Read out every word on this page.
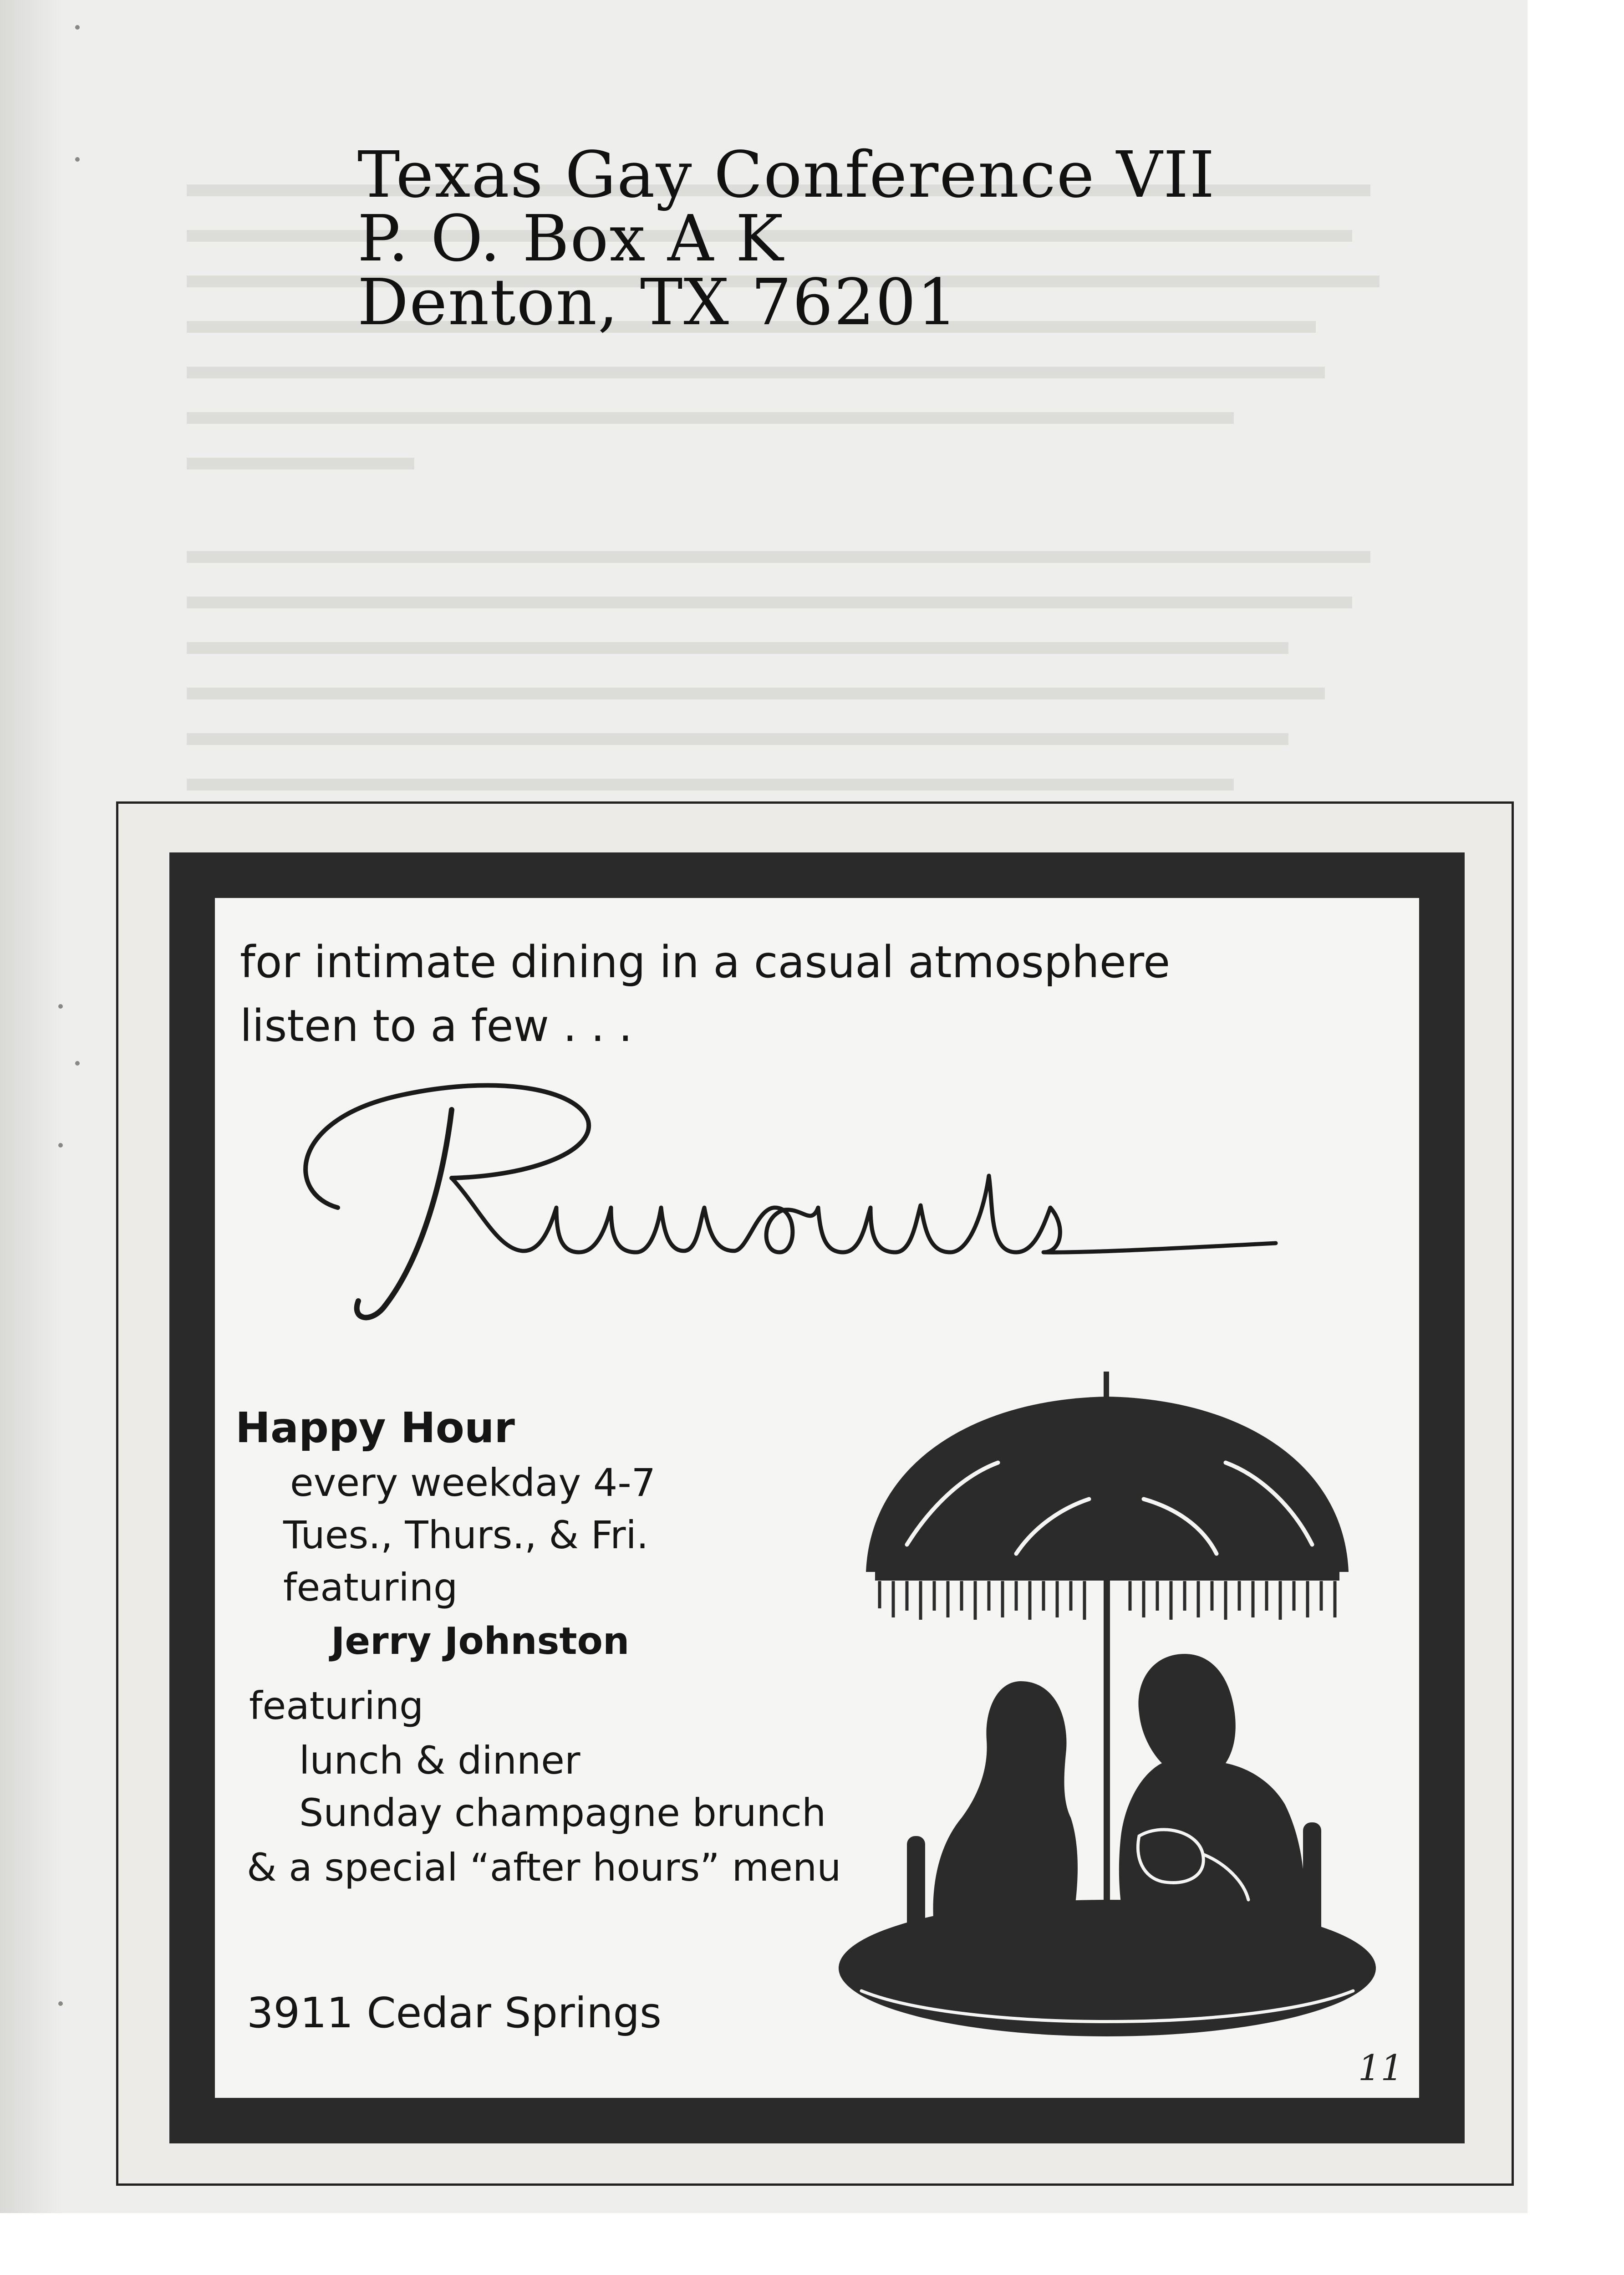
Texas Gay Conference VII
P. O. Box A K
Denton, TX 76201
for intimate dining in a casual atmosphere
listen to a few . . .
Happy Hour
every weekday 4-7
Tues., Thurs., & Fri.
featuring
Jerry Johnston
featuring
lunch & dinner
Sunday champagne brunch
& a special “after hours” menu
3911 Cedar Springs
11
